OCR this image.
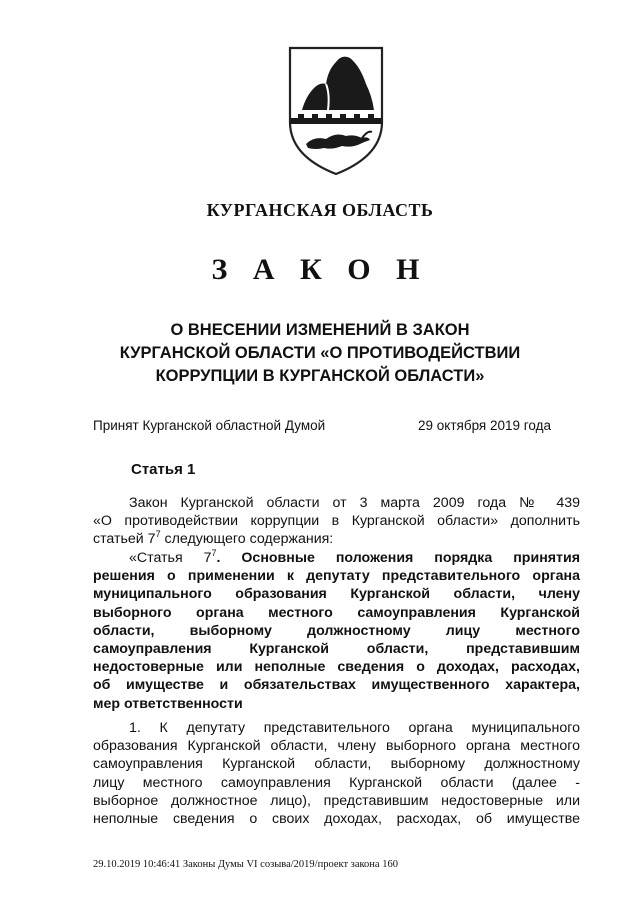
КУРГАНСКАЯ ОБЛАСТЬ
З А К О Н
О ВНЕСЕНИИ ИЗМЕНЕНИЙ В ЗАКОН
КУРГАНСКОЙ ОБЛАСТИ «О ПРОТИВОДЕЙСТВИИ
КОРРУПЦИИ В КУРГАНСКОЙ ОБЛАСТИ»
Принят Курганской областной Думой	29 октября 2019 года
Статья 1
Закон Курганской области от 3 марта 2009 года № 439
«О противодействии коррупции в Курганской области» дополнить
статьей $7^7$ следующего содержания:
«Статья $7^7$. Основные положения порядка принятия
решения о применении к депутату представительного органа
муниципального образования Курганской области, члену
выборного органа местного самоуправления Курганской
области, выборному должностному лицу местного
самоуправления Курганской области, представившим
недостоверные или неполные сведения о доходах, расходах,
об имуществе и обязательствах имущественного характера,
мер ответственности
1. К депутату представительного органа муниципального
образования Курганской области, члену выборного органа местного
самоуправления Курганской области, выборному должностному
лицу местного самоуправления Курганской области (далее -
выборное должностное лицо), представившим недостоверные или
неполные сведения о своих доходах, расходах, об имуществе
29.10.2019 10:46:41 Законы Думы VI созыва/2019/проект закона 160
